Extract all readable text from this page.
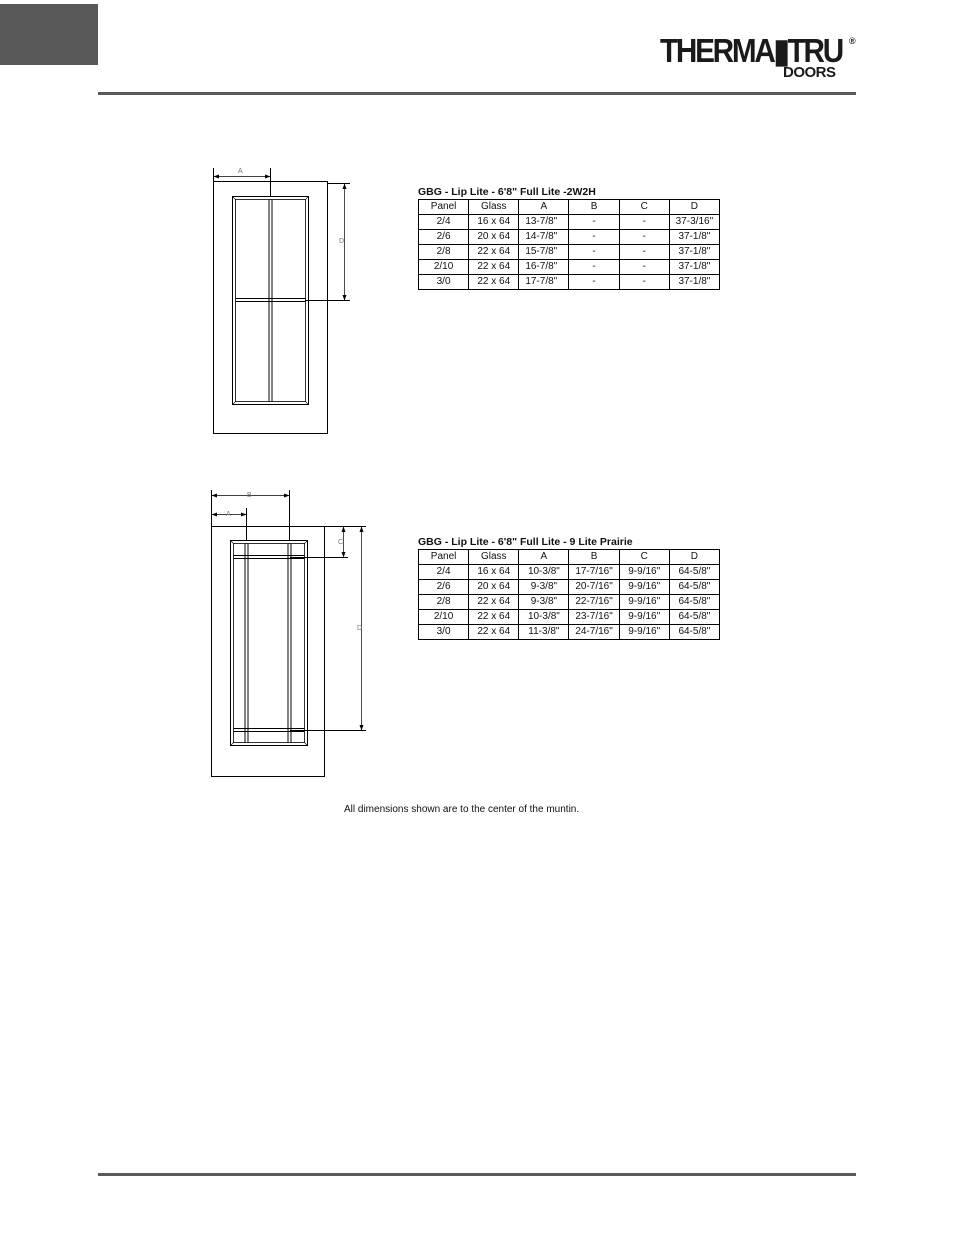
THERMA▮TRU ®
DOORS
A
D
B
A
C
D
GBG - Lip Lite - 6'8" Full Lite -2W2H
Panel	Glass	A	B	C	D
2/4	16 x 64	13-7/8"	-	-	37-3/16"
2/6	20 x 64	14-7/8"	-	-	37-1/8"
2/8	22 x 64	15-7/8"	-	-	37-1/8"
2/10	22 x 64	16-7/8"	-	-	37-1/8"
3/0	22 x 64	17-7/8"	-	-	37-1/8"
GBG - Lip Lite - 6'8" Full Lite - 9 Lite Prairie
Panel	Glass	A	B	C	D
2/4	16 x 64	10-3/8"	17-7/16"	9-9/16"	64-5/8"
2/6	20 x 64	9-3/8"	20-7/16"	9-9/16"	64-5/8"
2/8	22 x 64	9-3/8"	22-7/16"	9-9/16"	64-5/8"
2/10	22 x 64	10-3/8"	23-7/16"	9-9/16"	64-5/8"
3/0	22 x 64	11-3/8"	24-7/16"	9-9/16"	64-5/8"
All dimensions shown are to the center of the muntin.
